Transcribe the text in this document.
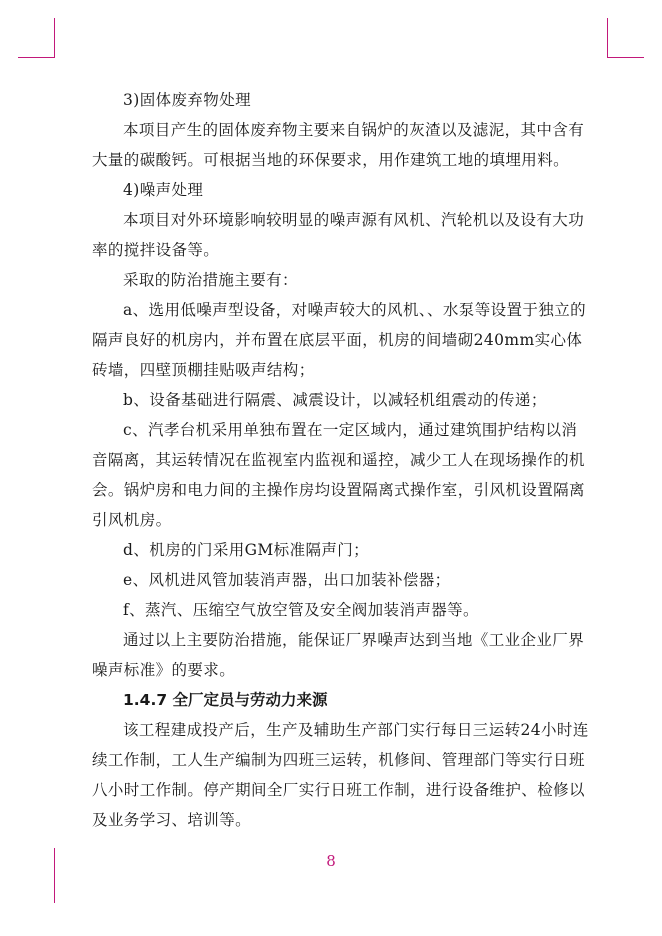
3)固体废弃物处理

本项目产生的固体废弃物主要来自锅炉的灰渣以及滤泥，其中含有大量的碳酸钙。可根据当地的环保要求，用作建筑工地的填埋用料。

4)噪声处理

本项目对外环境影响较明显的噪声源有风机、汽轮机以及设有大功率的搅拌设备等。

采取的防治措施主要有：

a、选用低噪声型设备，对噪声较大的风机、、水泵等设置于独立的隔声良好的机房内，并布置在底层平面，机房的间墙砌240mm实心体砖墙，四壁顶棚挂贴吸声结构；

b、设备基础进行隔震、减震设计，以减轻机组震动的传递；

c、汽孝台机采用单独布置在一定区域内，通过建筑围护结构以消音隔离，其运转情况在监视室内监视和遥控，减少工人在现场操作的机会。锅炉房和电力间的主操作房均设置隔离式操作室，引风机设置隔离引风机房。

d、机房的门采用GM标准隔声门；

e、风机进风管加装消声器，出口加装补偿器；

f、蒸汽、压缩空气放空管及安全阀加装消声器等。

通过以上主要防治措施，能保证厂界噪声达到当地《工业企业厂界噪声标准》的要求。

1.4.7 全厂定员与劳动力来源

该工程建成投产后，生产及辅助生产部门实行每日三运转24小时连续工作制，工人生产编制为四班三运转，机修间、管理部门等实行日班八小时工作制。停产期间全厂实行日班工作制，进行设备维护、检修以及业务学习、培训等。

8
